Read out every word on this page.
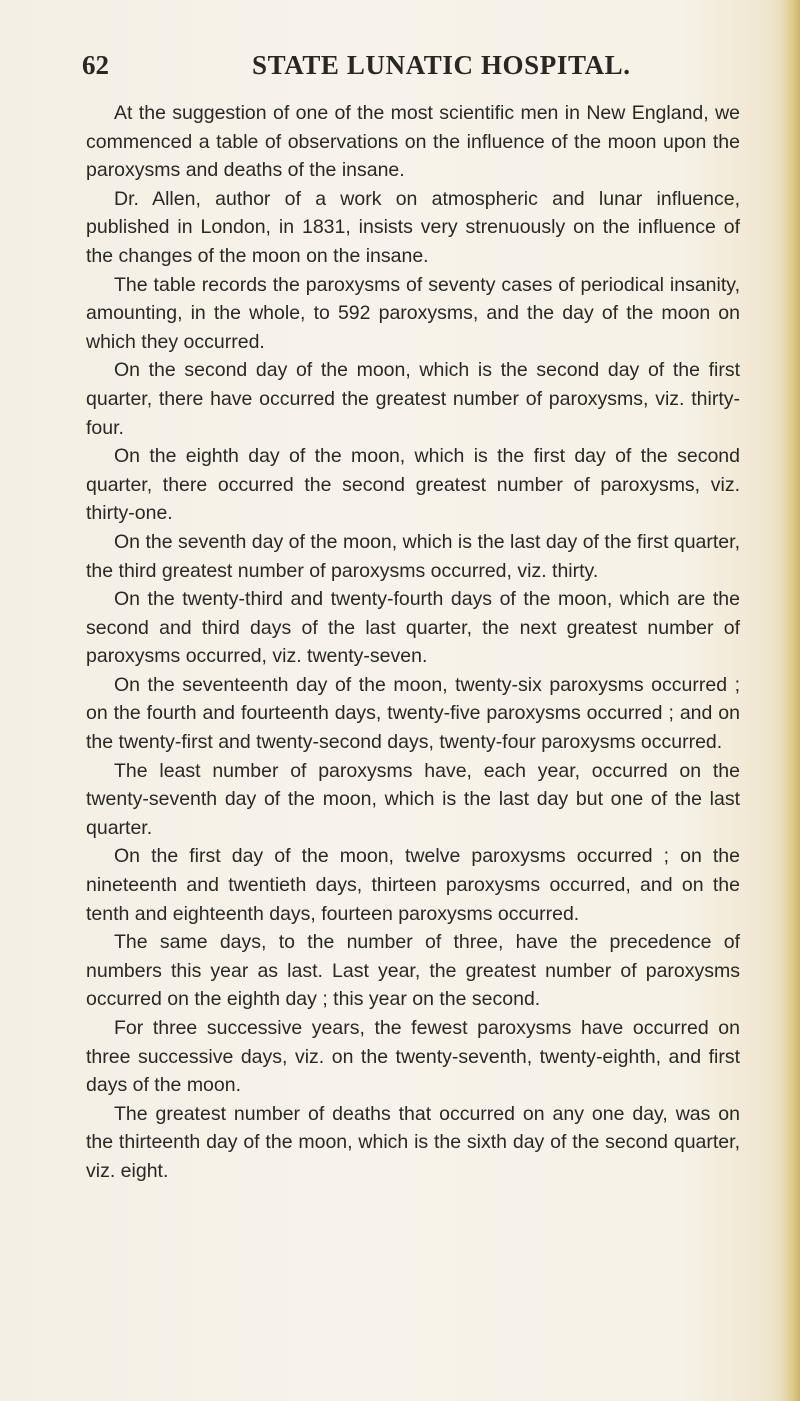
62	STATE LUNATIC HOSPITAL.

At the suggestion of one of the most scientific men in New England, we commenced a table of observations on the influence of the moon upon the paroxysms and deaths of the insane.

Dr. Allen, author of a work on atmospheric and lunar influence, published in London, in 1831, insists very strenuously on the influence of the changes of the moon on the insane.

The table records the paroxysms of seventy cases of periodical insanity, amounting, in the whole, to 592 paroxysms, and the day of the moon on which they occurred.

On the second day of the moon, which is the second day of the first quarter, there have occurred the greatest number of paroxysms, viz. thirty-four.

On the eighth day of the moon, which is the first day of the second quarter, there occurred the second greatest number of paroxysms, viz. thirty-one.

On the seventh day of the moon, which is the last day of the first quarter, the third greatest number of paroxysms occurred, viz. thirty.

On the twenty-third and twenty-fourth days of the moon, which are the second and third days of the last quarter, the next greatest number of paroxysms occurred, viz. twenty-seven.

On the seventeenth day of the moon, twenty-six paroxysms occurred ; on the fourth and fourteenth days, twenty-five paroxysms occurred ; and on the twenty-first and twenty-second days, twenty-four paroxysms occurred.

The least number of paroxysms have, each year, occurred on the twenty-seventh day of the moon, which is the last day but one of the last quarter.

On the first day of the moon, twelve paroxysms occurred ; on the nineteenth and twentieth days, thirteen paroxysms occurred, and on the tenth and eighteenth days, fourteen paroxysms occurred.

The same days, to the number of three, have the precedence of numbers this year as last. Last year, the greatest number of paroxysms occurred on the eighth day ; this year on the second.

For three successive years, the fewest paroxysms have occurred on three successive days, viz. on the twenty-seventh, twenty-eighth, and first days of the moon.

The greatest number of deaths that occurred on any one day, was on the thirteenth day of the moon, which is the sixth day of the second quarter, viz. eight.
